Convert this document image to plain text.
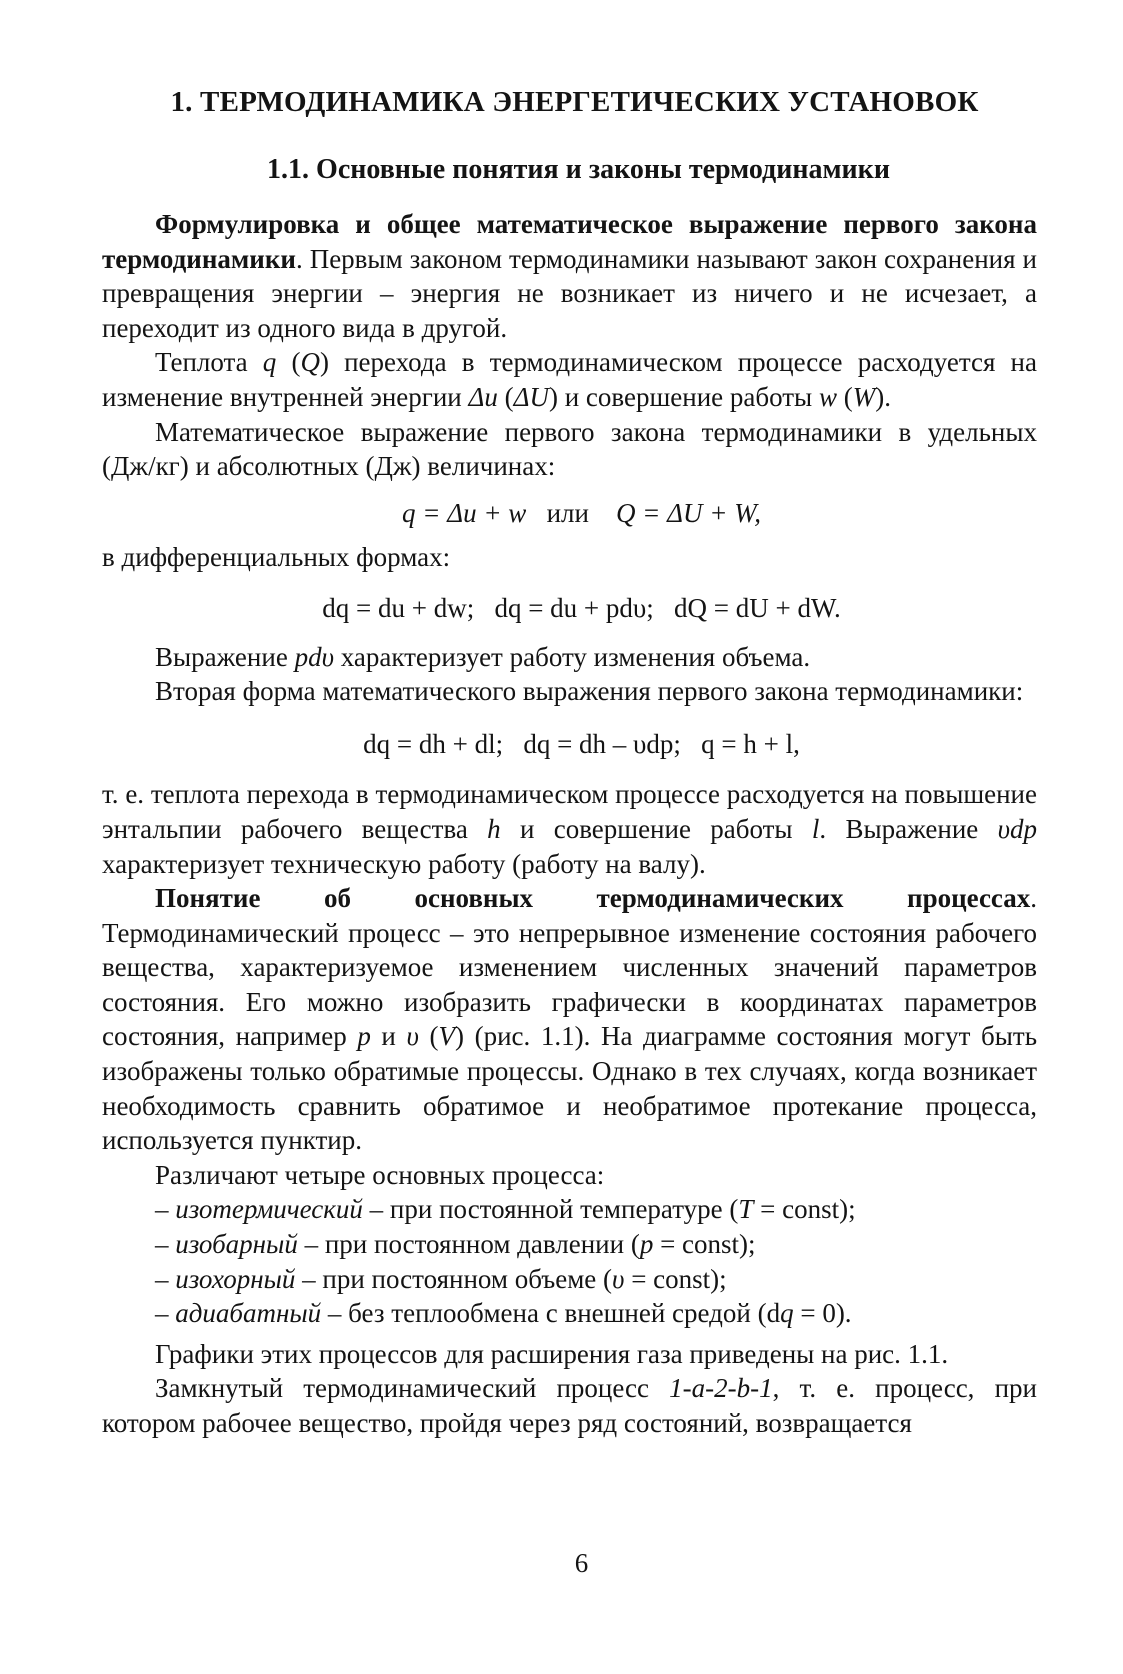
1. ТЕРМОДИНАМИКА ЭНЕРГЕТИЧЕСКИХ УСТАНОВОК
1.1. Основные понятия и законы термодинамики

Формулировка и общее математическое выражение первого закона термодинамики. Первым законом термодинамики называют закон сохранения и превращения энергии – энергия не возникает из ничего и не исчезает, а переходит из одного вида в другой.

Теплота q (Q) перехода в термодинамическом процессе расходуется на изменение внутренней энергии Δu (ΔU) и совершение работы w (W).

Математическое выражение первого закона термодинамики в удельных (Дж/кг) и абсолютных (Дж) величинах:

q = Δu + w или Q = ΔU + W,

в дифференциальных формах:

dq = du + dw;   dq = du + pdυ;   dQ = dU + dW.

Выражение pdυ характеризует работу изменения объема.

Вторая форма математического выражения первого закона термодинамики:

dq = dh + dl;   dq = dh – υdp;   q = h + l,

т. е. теплота перехода в термодинамическом процессе расходуется на повышение энтальпии рабочего вещества h и совершение работы l. Выражение υdp характеризует техническую работу (работу на валу).

Понятие об основных термодинамических процессах. Термодинамический процесс – это непрерывное изменение состояния рабочего вещества, характеризуемое изменением численных значений параметров состояния. Его можно изобразить графически в координатах параметров состояния, например p и υ (V) (рис. 1.1). На диаграмме состояния могут быть изображены только обратимые процессы. Однако в тех случаях, когда возникает необходимость сравнить обратимое и необратимое протекание процесса, используется пунктир.

Различают четыре основных процесса:

– изотермический – при постоянной температуре (T = const);

– изобарный – при постоянном давлении (p = const);

– изохорный – при постоянном объеме (υ = const);

– адиабатный – без теплообмена с внешней средой (dq = 0).

Графики этих процессов для расширения газа приведены на рис. 1.1.

Замкнутый термодинамический процесс 1-a-2-b-1, т. е. процесс, при котором рабочее вещество, пройдя через ряд состояний, возвращается

6
